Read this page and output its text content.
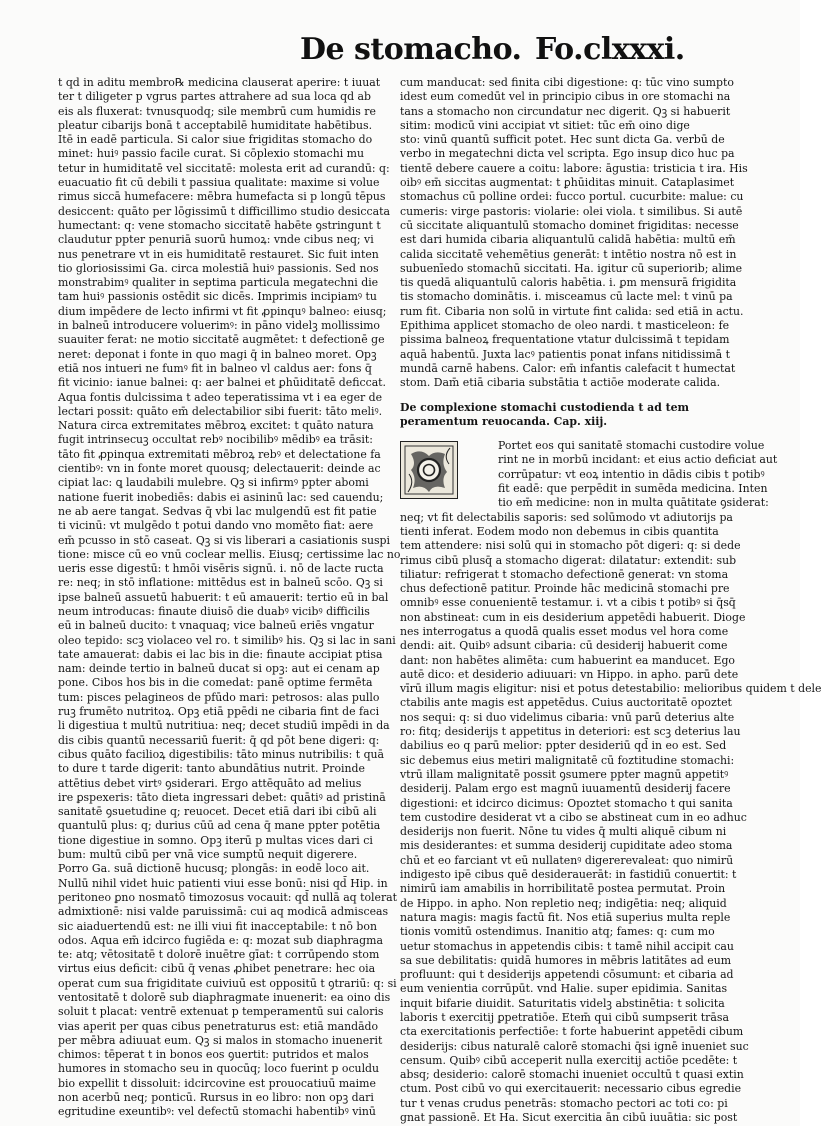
De stomacho. Fo.clxxxi.
t qd in aditu membro℞ medicina clauserat aperire: t iuuat
ter t diligeter p vgrus partes attrahere ad sua loca qd ab
eis als fluxerat: tvnusquodq; sile membrū cum humidis re
pleatur cibarijs bonā t acceptabilē humiditate habētibus.
Itē in eadē particula. Si calor siue frigiditas stomacho do
minet: huiꝰ passio facile curat. Si cōplexio stomachi mu
tetur in humiditatē vel siccitatē: molesta erit ad curandū: q:
euacuatio fit cū debili t passiua qualitate: maxime si volue
rimus siccā humefacere: mēbra humefacta si p longū tēpus
desiccent: quāto per lōgissimū t difficillimo studio desiccata
humectant: q: vene stomacho siccitatē habēte ꝯstringunt t
claudutur ppter penuriā suorū humoꝝ: vnde cibus neq; vi
nus penetrare vt in eis humiditatē restauret. Sic fuit inten
tio gloriosissimi Ga. circa molestiā huiꝰ passionis. Sed nos
monstrabimꝰ qualiter in septima particula megatechni die
tam huiꝰ passionis ostēdit sic dicēs. Imprimis incipiamꝰ tu
dium impēdere de lecto infirmi vt fit ꝓpinquꝰ balneo: eiusq;
in balneū introducere voluerimꝰ: in pāno videlꝫ mollissimo
suauiter ferat: ne motio siccitatē augmētet: t defectionē ge
neret: deponat i fonte in quo magi q̄ in balneo moret. Opꝫ
etiā nos intueri ne fumꝰ fit in balneo vl caldus aer: fons q̄
fit vicinio: ianue balnei: q: aer balnei et ꝑhūiditatē deficcat.
Aqua fontis dulcissima t adeo teperatissima vt i ea eger de
lectari possit: quāto em̄ delectabilior sibi fuerit: tāto meliꝰ.
Natura circa extremitates mēbroꝝ excitet: t quāto natura
fugit intrinsecuꝫ occultat rebꝰ nocibilibꝰ mēdibꝰ ea trāsit:
tāto fit ꝓpinqua extremitati mēbroꝝ rebꝰ et delectatione fa
cientibꝰ: vn in fonte moret quousq; delectauerit: deinde ac
cipiat lac: ꝗ laudabili mulebre. Qꝫ si infirmꝰ ppter abomi
natione fuerit inobediēs: dabis ei asininū lac: sed cauendu;
ne ab aere tangat. Sedvas q̄ vbi lac mulgendū est fit patie
ti vicinū: vt mulgēdo t potui dando vno momēto fiat: aere
em̄ pcusso in stō caseat. Qꝫ si vis liberari a casiationis suspi
tione: misce cū eo vnū coclear mellis. Eiusq; certissime lac no
ueris esse digestū: t hmōi visēris signū. i. nō de lacte ructa
re: neq; in stō inflatione: mittēdus est in balneū scōo. Qꝫ si
ipse balneū assuetū habuerit: t eū amauerit: tertio eū in bal
neum introducas: finaute diuisō die duabꝰ vicibꝰ difficilis
eū in balneū ducito: t vnaquaq; vice balneū eriēs vngatur
oleo tepido: scꝫ violaceo vel ro. t similibꝰ his. Qꝫ si lac in sani
tate amauerat: dabis ei lac bis in die: finaute accipiat ptisa
nam: deinde tertio in balneū ducat si opꝫ: aut ei cenam ap
pone. Cibos hos bis in die comedat: panē optime fermēta
tum: pisces pelagineos de pfūdo mari: petrosos: alas pullo
ruꝫ frumēto nutritoꝝ. Opꝫ etiā ppēdi ne cibaria fint de faci
li digestiua t multū nutritiua: neq; decet studiū impēdi in da
dis cibis quantū necessariū fuerit: q̄ qd pōt bene digeri: q:
cibus quāto facilioꝝ digestibilis: tāto minus nutribilis: t quā
to dure t tarde digerit: tanto abundātius nutrit. Proinde
attētius debet virtꝰ ꝯsiderari. Ergo attēquāto ad melius
ire ꝑspexeris: tāto dieta ingressari debet: quātiꝰ ad pristinā
sanitatē ꝯsuetudine q; reuocet. Decet etiā dari ibi cibū ali
quantulū plus: q; durius cūū ad cena q̄ mane ppter potētia
tione digestiue in somno. Opꝫ iterū p multas vices dari ci
bum: multū cibū per vnā vice sumptū nequit digerere.
Porro Ga. suā dictionē hucusq; plongās: in eodē loco ait.
Nullū nihil videt huic patienti viui esse bonū: nisi qd̄ Hip. in
peritoneo ꝑno nosmatō timozosus vocauit: qd̄ nullā aq tolerat
admixtionē: nisi valde paruissimā: cui aq modicā admisceas
sic aiaduertendū est: ne illi viui fit inacceptabile: t nō bon
odos. Aqua em̄ idcirco fugiēda e: q: mozat sub diaphragma
te: atq; vētositatē t dolorē inuētre gīat: t corrūpendo stom
virtus eius deficit: cibū q̄ venas ꝓhibet penetrare: hec oia
operat cum sua frigiditate cuiviuū est oppositū t ꝯtrariū: q: si
ventositatē t dolorē sub diaphragmate inuenerit: ea oino dis
soluit t placat: ventrē extenuat p temperamentū sui caloris
vias aperit per quas cibus penetraturus est: etiā mandādo
per mēbra adiuuat eum. Qꝫ si malos in stomacho inuenerit
chimos: tēperat t in bonos eos ꝯuertit: putridos et malos
humores in stomacho seu in quocūq; loco fuerint p oculdu
bio expellit t dissoluit: idcircovine est prouocatiuū maime
non acerbū neq; ponticū. Rursus in eo libro: non opꝫ dari
egritudine exeuntibꝰ: vel defectū stomachi habentibꝰ vinū
cum manducat: sed finita cibi digestione: q: tūc vino sumpto
idest eum comedūt vel in principio cibus in ore stomachi na
tans a stomacho non circundatur nec digerit. Qꝫ si habuerit
sitim: modicū vini accipiat vt sitiet: tūc em̄ oino dige
sto: vinū quantū sufficit potet. Hec sunt dicta Ga. verbū de
verbo in megatechni dicta vel scripta. Ego insup dico huc pa
tientē debere cauere a coitu: labore: āgustia: tristicia t ira. His
oibꝰ em̄ siccitas augmentat: t ꝑhūiditas minuit. Cataplasimet
stomachus cū polline ordei: fucco portul. cucurbite: malue: cu
cumeris: virge pastoris: violarie: olei viola. t similibus. Si autē
cū siccitate aliquantulū stomacho dominet frigiditas: necesse
est dari humida cibaria aliquantulū calidā habētia: multū em̄
calida siccitatē vehemētius generāt: t intētio nostra nō est in
subuenīedo stomachū siccitati. Ha. igitur cū superiorib; alime
tis quedā aliquantulū caloris habētia. i. ꝑm mensurā frigidita
tis stomacho dominātis. i. misceamus cū lacte mel: t vinū pa
rum fit. Cibaria non solū in virtute fint calida: sed etiā in actu.
Epithima applicet stomacho de oleo nardi. t masticeleon: fe
pissima balneoꝝ frequentatione vtatur dulcissimā t tepidam
aquā habentū. Juxta lacꝰ patientis ponat infans nitidissimā t
mundā carnē habens. Calor: em̄ infantis calefacit t humectat
stom. Dam̄ etiā cibaria substātia t actiōe moderate calida.
De complexione stomachi custodienda t ad tem
peramentum reuocanda. Cap. xiij.
Portet eos qui sanitatē stomachi custodire volue
rint ne in morbū incidant: et eius actio deficiat aut
corrūpatur: vt eoꝝ intentio in dādis cibis t potibꝰ
fit eadē: que perpēdit in sumēda medicina. Inten
tio em̄ medicine: non in multa quātitate ꝯsiderat:
neq; vt fit delectabilis saporis: sed solūmodo vt adiutorijs pa
tienti inferat. Eodem modo non debemus in cibis quantita
tem attendere: nisi solū qui in stomacho pōt digeri: q: si dede
rimus cibū plusq̄ a stomacho digerat: dilatatur: extendit: sub
tiliatur: refrigerat t stomacho defectionē generat: vn stoma
chus defectionē patitur. Proinde hāc medicinā stomachi pre
omnibꝰ esse conuenientē testamur. i. vt a cibis t potibꝰ si q̄sq̄
non abstineat: cum in eis desiderium appetēdi habuerit. Dioge
nes interrogatus a quodā qualis esset modus vel hora come
dendi: ait. Quibꝰ adsunt cibaria: cū desiderij habuerit come
dant: non habētes alimēta: cum habuerint ea manducet. Ego
autē dico: et desiderio adiuuari: vn Hippo. in apho. parū dete
vīrū illum magis eligitur: nisi et potus detestabilio: melioribus quidem t dele
ctabilis ante magis est appetēdus. Cuius auctoritatē opoztet
nos sequi: q: si duo videlimus cibaria: vnū parū deterius alte
ro: fitq; desiderijs t appetitus in deteriori: est scꝫ deterius lau
dabilius eo q parū melior: ppter desideriū qd̄ in eo est. Sed
sic debemus eius metiri malignitatē cū foztitudine stomachi:
vtrū illam malignitatē possit ꝯsumere ppter magnū appetitꝰ
desiderij. Palam ergo est magnū iuuamentū desiderij facere
digestioni: et idcirco dicimus: Opoztet stomacho t qui sanita
tem custodire desiderat vt a cibo se abstineat cum in eo adhuc
desiderijs non fuerit. Nōne tu vides q̄ multi aliquē cibum ni
mis desiderantes: et summa desiderij cupiditate adeo stoma
chū et eo farciant vt eū nullatenꝰ digererevaleat: quo nimirū
indigesto ipē cibus quē desiderauerāt: in fastidiū conuertit: t
nimirū iam amabilis in horribilitatē postea permutat. Proin
de Hippo. in apho. Non repletio neq; indigētia: neq; aliquid
natura magis: magis factū fit. Nos etiā superius multa reple
tionis vomitū ostendimus. Inanitio atq; fames: q: cum mo
uetur stomachus in appetendis cibis: t tamē nihil accipit cau
sa sue debilitatis: quidā humores in mēbris latitātes ad eum
profluunt: qui t desiderijs appetendi cōsumunt: et cibaria ad
eum venientia corrūpūt. vnd Halie. super epidimia. Sanitas
inquit bifarie diuidit. Saturitatis videlꝫ abstinētia: t solicita
laboris t exercitij ꝑpetratiōe. Etem̄ qui cibū sumpserit trāsa
cta exercitationis perfectiōe: t forte habuerint appetēdi cibum
desiderijs: cibus naturalē calorē stomachi q̄si ignē inueniet suc
censum. Quibꝰ cibū acceperit nulla exercitij actiōe pcedēte: t
absq; desiderio: calorē stomachi inueniet occultū t quasi extin
ctum. Post cibū vo qui exercitauerit: necessario cibus egredie
tur t venas crudus penetrās: stomacho pectori ac toti co: pi
gnat passionē. Et Ha. Sicut exercitia ān cibū iuuātia: sic post
